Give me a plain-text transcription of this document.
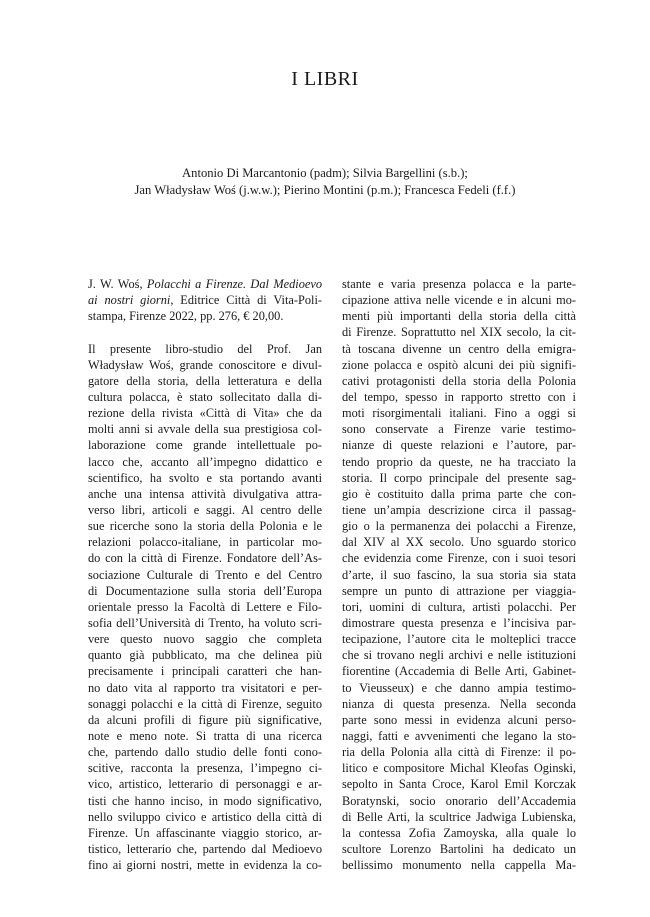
I LIBRI
Antonio Di Marcantonio (padm); Silvia Bargellini (s.b.);
Jan Władysław Woś (j.w.w.); Pierino Montini (p.m.); Francesca Fedeli (f.f.)
J. W. Woś, Polacchi a Firenze. Dal Medioevo
ai nostri giorni, Editrice Città di Vita-Poli-
stampa, Firenze 2022, pp. 276, € 20,00.
Il presente libro-studio del Prof. Jan
Władysław Woś, grande conoscitore e divul-
gatore della storia, della letteratura e della
cultura polacca, è stato sollecitato dalla di-
rezione della rivista «Città di Vita» che da
molti anni si avvale della sua prestigiosa col-
laborazione come grande intellettuale po-
lacco che, accanto all’impegno didattico e
scientifico, ha svolto e sta portando avanti
anche una intensa attività divulgativa attra-
verso libri, articoli e saggi. Al centro delle
sue ricerche sono la storia della Polonia e le
relazioni polacco-italiane, in particolar mo-
do con la città di Firenze. Fondatore dell’As-
sociazione Culturale di Trento e del Centro
di Documentazione sulla storia dell’Europa
orientale presso la Facoltà di Lettere e Filo-
sofia dell’Università di Trento, ha voluto scri-
vere questo nuovo saggio che completa
quanto già pubblicato, ma che delinea più
precisamente i principali caratteri che han-
no dato vita al rapporto tra visitatori e per-
sonaggi polacchi e la città di Firenze, seguito
da alcuni profili di figure più significative,
note e meno note. Si tratta di una ricerca
che, partendo dallo studio delle fonti cono-
scitive, racconta la presenza, l’impegno ci-
vico, artistico, letterario di personaggi e ar-
tisti che hanno inciso, in modo significativo,
nello sviluppo civico e artistico della città di
Firenze. Un affascinante viaggio storico, ar-
tistico, letterario che, partendo dal Medioevo
fino ai giorni nostri, mette in evidenza la co-
stante e varia presenza polacca e la parte-
cipazione attiva nelle vicende e in alcuni mo-
menti più importanti della storia della città
di Firenze. Soprattutto nel XIX secolo, la cit-
tà toscana divenne un centro della emigra-
zione polacca e ospitò alcuni dei più signifi-
cativi protagonisti della storia della Polonia
del tempo, spesso in rapporto stretto con i
moti risorgimentali italiani. Fino a oggi si
sono conservate a Firenze varie testimo-
nianze di queste relazioni e l’autore, par-
tendo proprio da queste, ne ha tracciato la
storia. Il corpo principale del presente sag-
gio è costituito dalla prima parte che con-
tiene un’ampia descrizione circa il passag-
gio o la permanenza dei polacchi a Firenze,
dal XIV al XX secolo. Uno sguardo storico
che evidenzia come Firenze, con i suoi tesori
d’arte, il suo fascino, la sua storia sia stata
sempre un punto di attrazione per viaggia-
tori, uomini di cultura, artisti polacchi. Per
dimostrare questa presenza e l’incisiva par-
tecipazione, l’autore cita le molteplici tracce
che si trovano negli archivi e nelle istituzioni
fiorentine (Accademia di Belle Arti, Gabinet-
to Vieusseux) e che danno ampia testimo-
nianza di questa presenza. Nella seconda
parte sono messi in evidenza alcuni perso-
naggi, fatti e avvenimenti che legano la sto-
ria della Polonia alla città di Firenze: il po-
litico e compositore Michal Kleofas Oginski,
sepolto in Santa Croce, Karol Emil Korczak
Boratynski, socio onorario dell’Accademia
di Belle Arti, la scultrice Jadwiga Lubienska,
la contessa Zofia Zamoyska, alla quale lo
scultore Lorenzo Bartolini ha dedicato un
bellissimo monumento nella cappella Ma-
